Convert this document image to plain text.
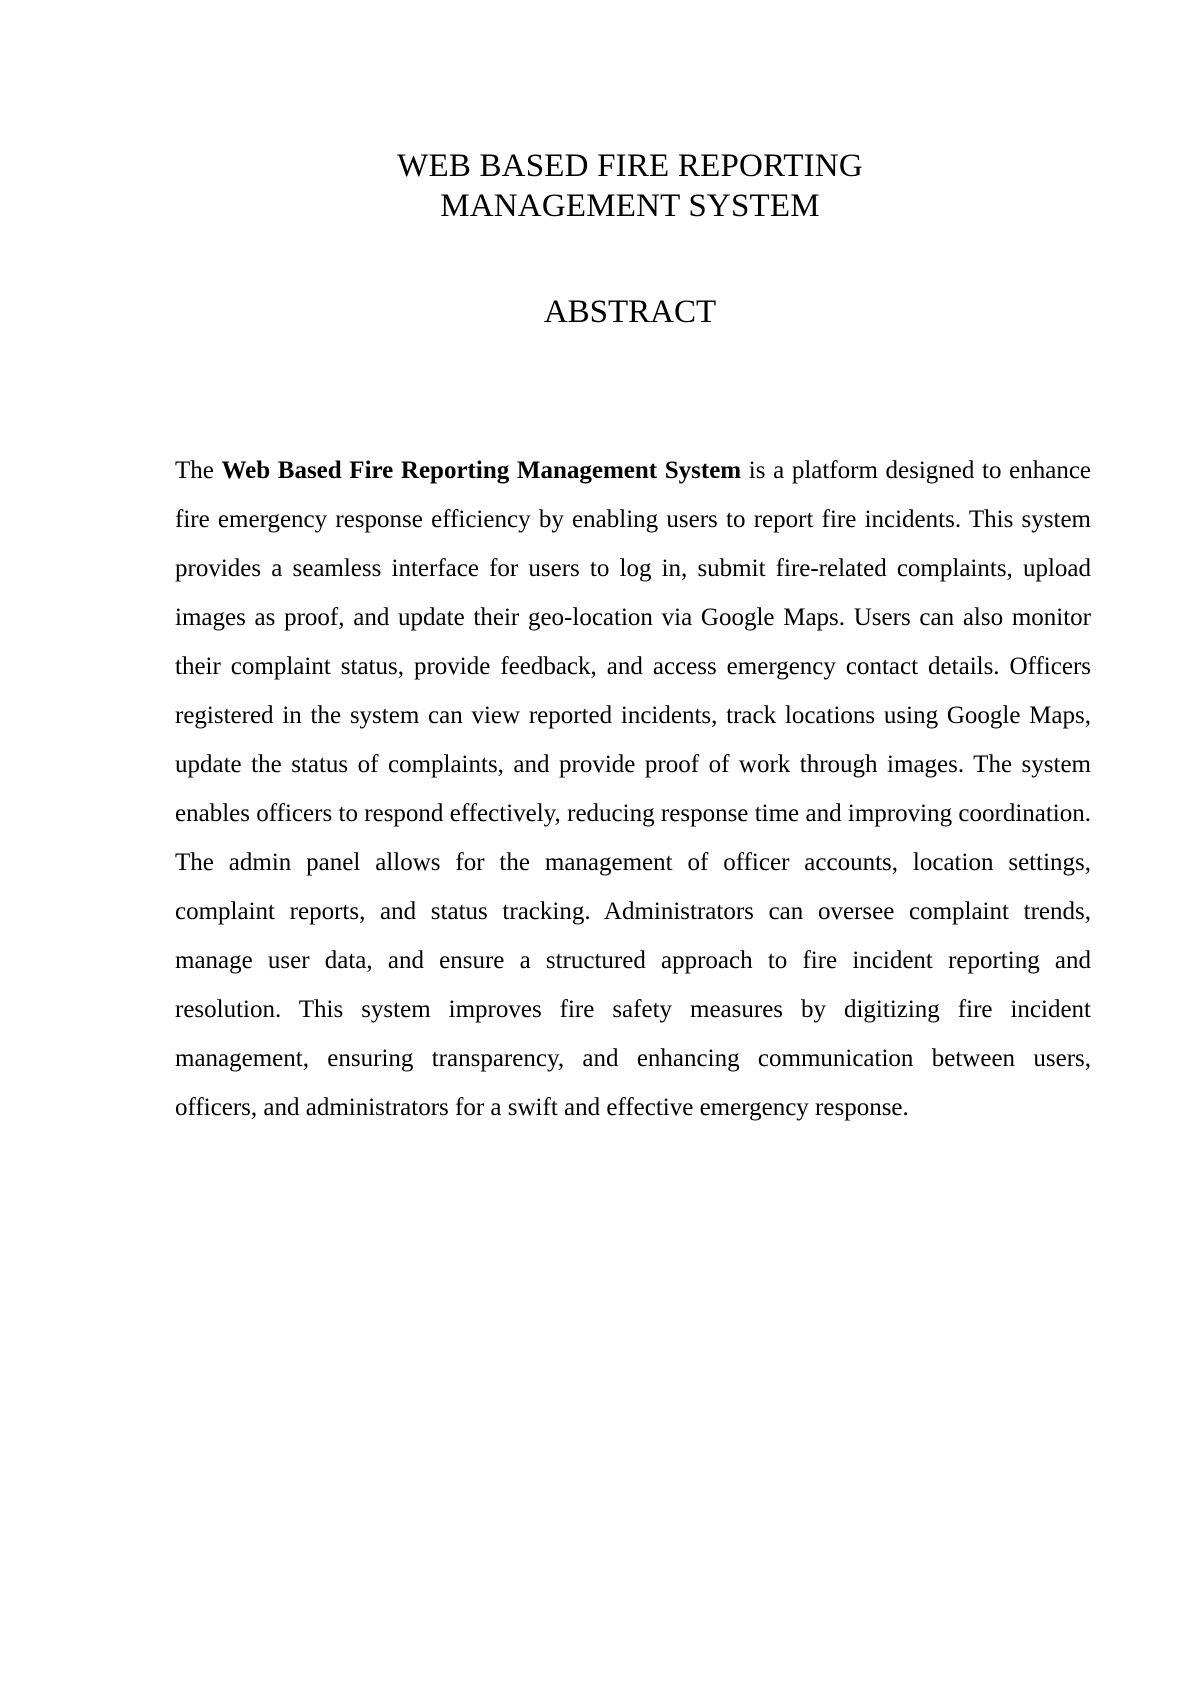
WEB BASED FIRE REPORTING
MANAGEMENT SYSTEM
ABSTRACT

The Web Based Fire Reporting Management System is a platform designed to enhance fire emergency response efficiency by enabling users to report fire incidents. This system provides a seamless interface for users to log in, submit fire-related complaints, upload images as proof, and update their geo-location via Google Maps. Users can also monitor their complaint status, provide feedback, and access emergency contact details. Officers registered in the system can view reported incidents, track locations using Google Maps, update the status of complaints, and provide proof of work through images. The system enables officers to respond effectively, reducing response time and improving coordination. The admin panel allows for the management of officer accounts, location settings, complaint reports, and status tracking. Administrators can oversee complaint trends, manage user data, and ensure a structured approach to fire incident reporting and resolution. This system improves fire safety measures by digitizing fire incident management, ensuring transparency, and enhancing communication between users, officers, and administrators for a swift and effective emergency response.
